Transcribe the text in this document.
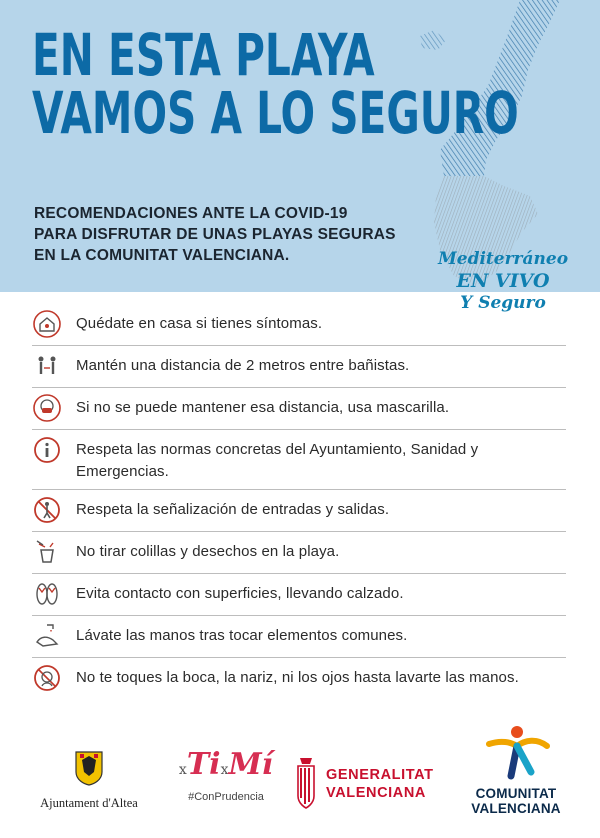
EN ESTA PLAYA
VAMOS A LO SEGURO
RECOMENDACIONES ANTE LA COVID-19
PARA DISFRUTAR DE UNAS PLAYAS SEGURAS
EN LA COMUNITAT VALENCIANA.	Mediterráneo
EN VIVO
Y Seguro
Quédate en casa si tienes síntomas.
Mantén una distancia de 2 metros entre bañistas.
Si no se puede mantener esa distancia, usa mascarilla.
Respeta las normas concretas del Ayuntamiento, Sanidad y Emergencias.
Respeta la señalización de entradas y salidas.
No tirar colillas y desechos en la playa.
Evita contacto con superficies, llevando calzado.
Lávate las manos tras tocar elementos comunes.
No te toques la boca, la nariz, ni los ojos hasta lavarte las manos.
Ajuntament d'Altea
xTixMí
#ConPrudencia
GENERALITAT
VALENCIANA	COMUNITAT
VALENCIANA
